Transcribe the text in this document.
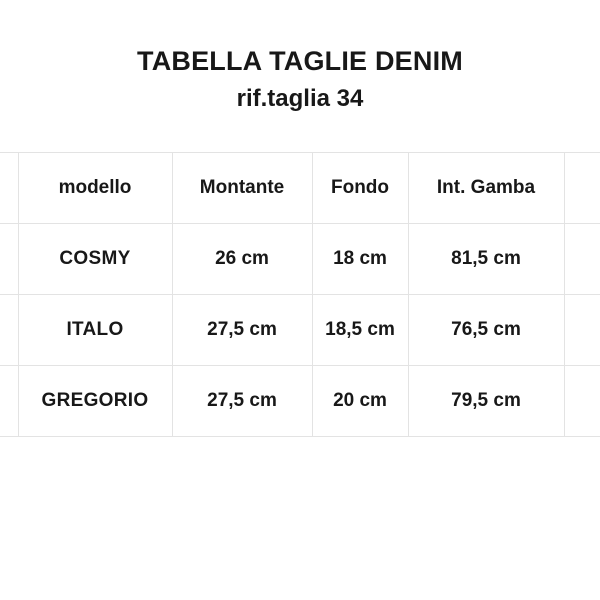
TABELLA TAGLIE DENIM
rif.taglia 34
	modello	Montante	Fondo	Int. Gamba	
	COSMY	26 cm	18 cm	81,5 cm	
	ITALO	27,5 cm	18,5 cm	76,5 cm	
	GREGORIO	27,5 cm	20 cm	79,5 cm	
